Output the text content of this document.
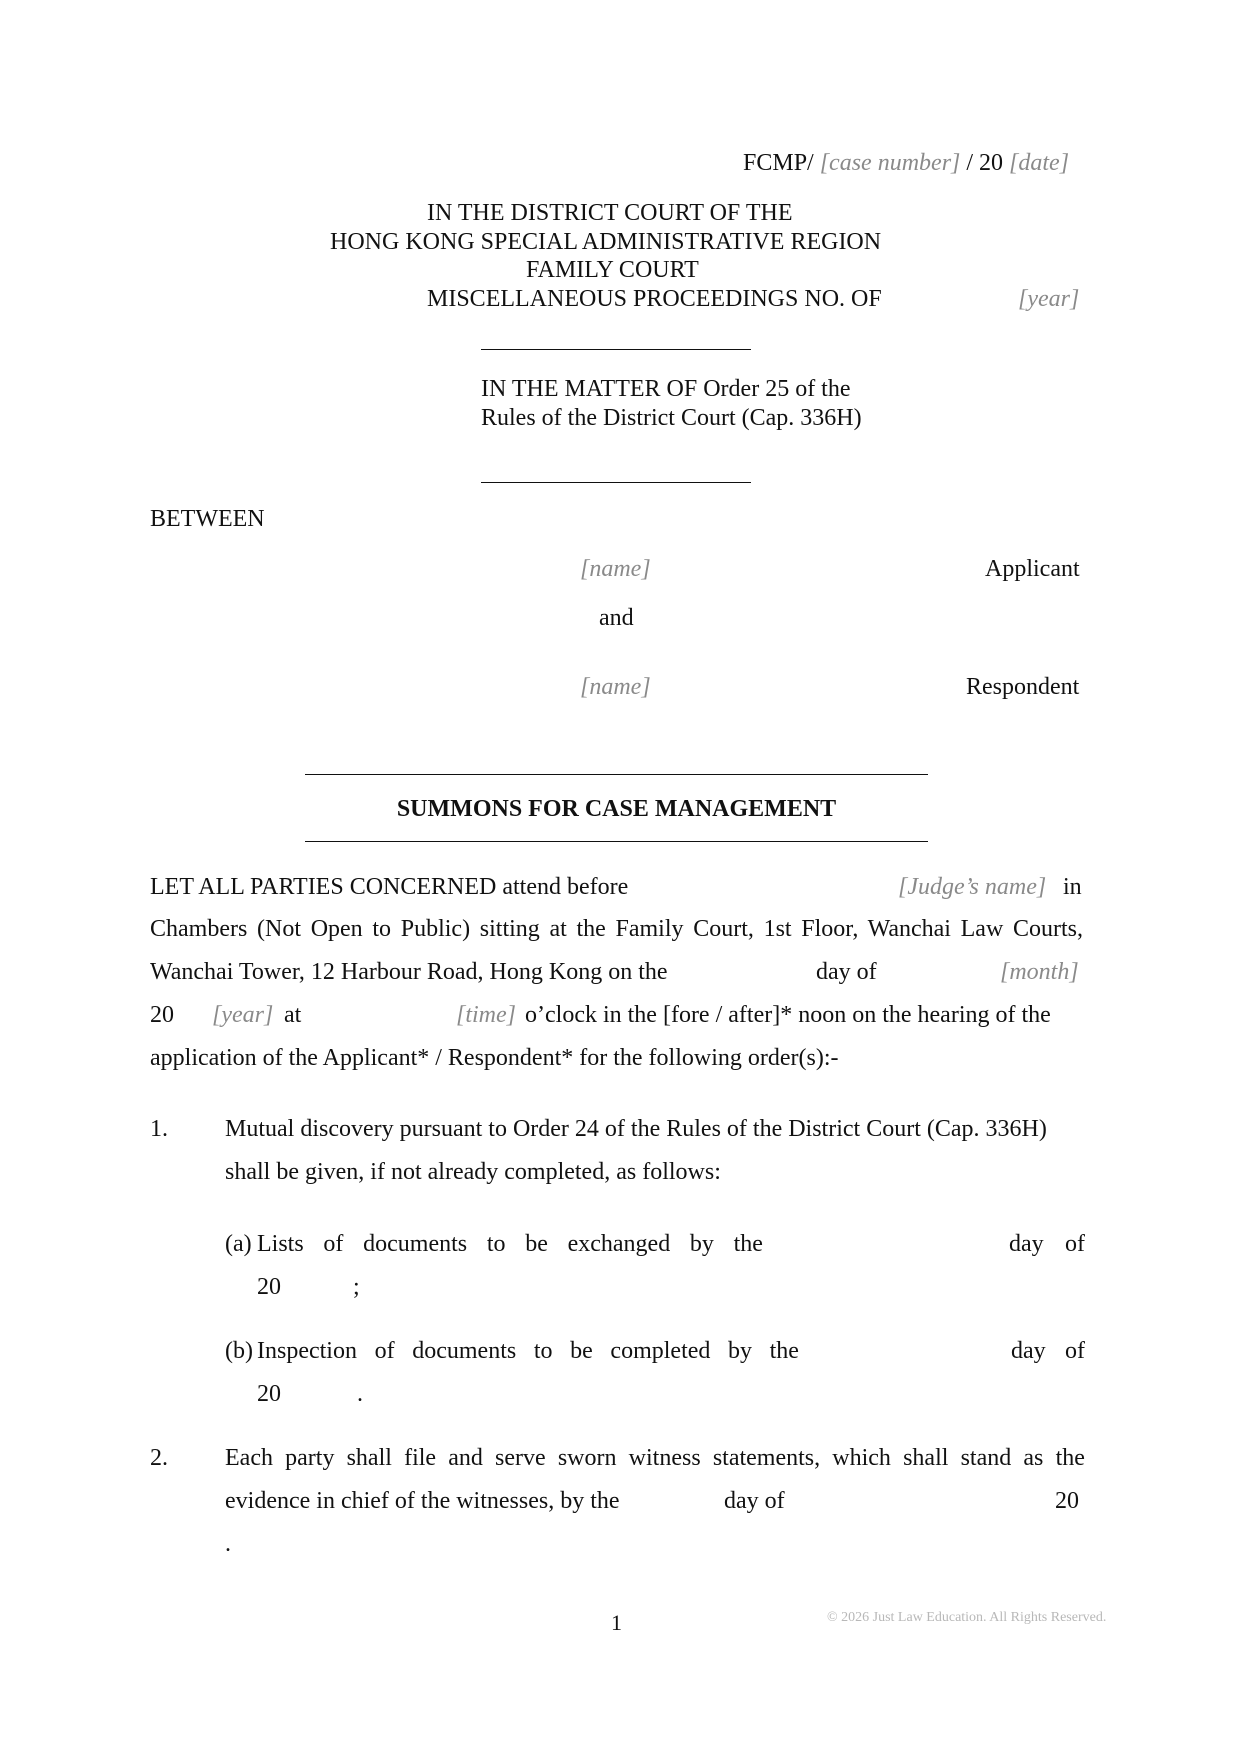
FCMP/ [case number] / 20 [date]
IN THE DISTRICT COURT OF THE
HONG KONG SPECIAL ADMINISTRATIVE REGION
FAMILY COURT
MISCELLANEOUS PROCEEDINGS NO. OF	[year]
IN THE MATTER OF Order 25 of the
Rules of the District Court (Cap. 336H)
BETWEEN
[name]	Applicant
and
[name]	Respondent
SUMMONS FOR CASE MANAGEMENT
LET ALL PARTIES CONCERNED attend before	[Judge’s name] in
Chambers (Not Open to Public) sitting at the Family Court, 1st Floor, Wanchai Law Courts,
Wanchai Tower, 12 Harbour Road, Hong Kong on the	day of	[month]
20 [year] at	[time] o’clock in the [fore / after]* noon on the hearing of the
application of the Applicant* / Respondent* for the following order(s):-
1. Mutual discovery pursuant to Order 24 of the Rules of the District Court (Cap. 336H)
shall be given, if not already completed, as follows:
(a) Lists of documents to be exchanged by the	day of
20	;
(b) Inspection of documents to be completed by the	day of
20	.
2. Each party shall file and serve sworn witness statements, which shall stand as the
evidence in chief of the witnesses, by the	day of	20
.
1	© 2026 Just Law Education. All Rights Reserved.
